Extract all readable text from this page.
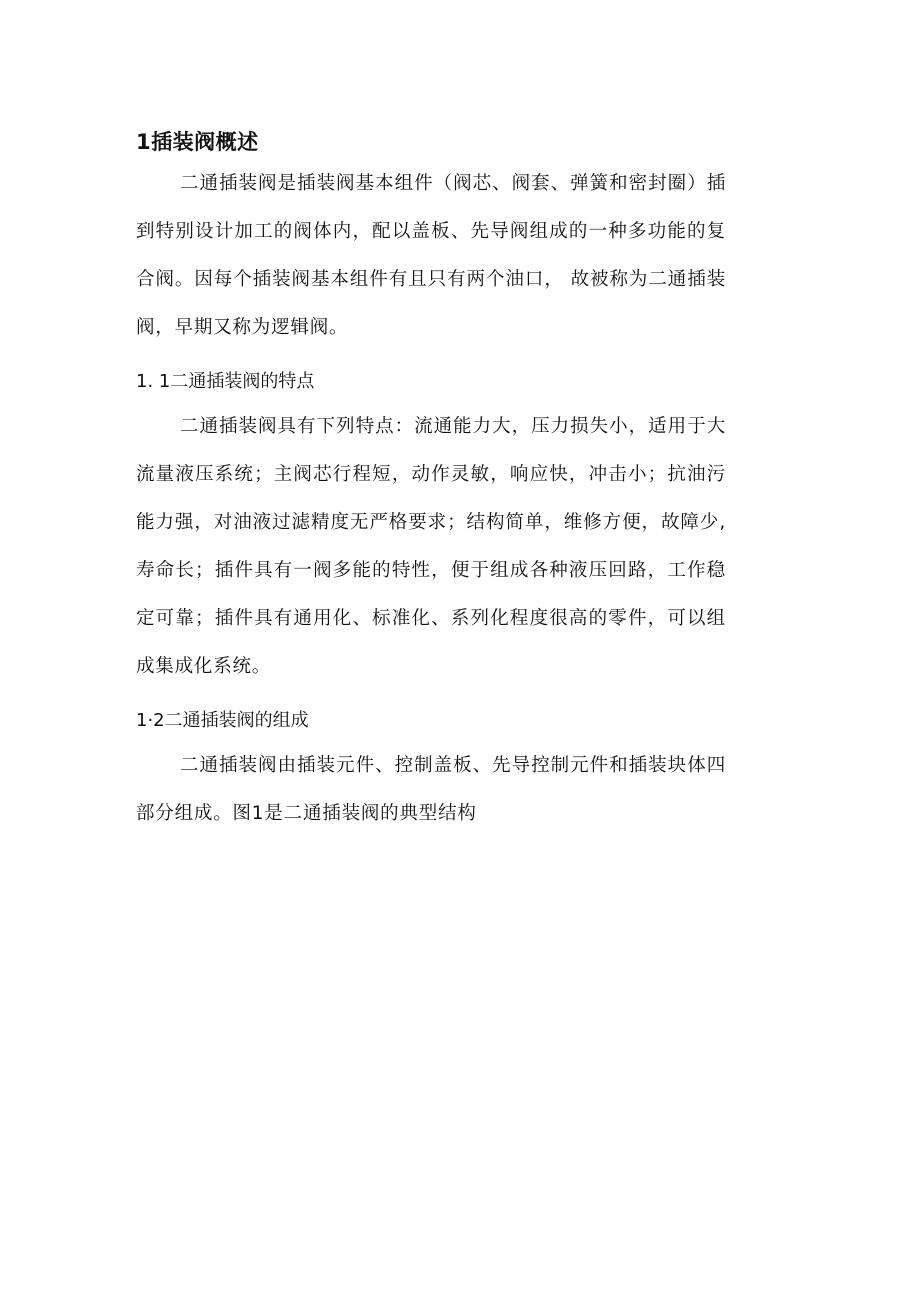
1插装阀概述

二通插装阀是插装阀基本组件（阀芯、阀套、弹簧和密封圈）插到特别设计加工的阀体内，配以盖板、先导阀组成的一种多功能的复合阀。因每个插装阀基本组件有且只有两个油口， 故被称为二通插装阀，早期又称为逻辑阀。

1. 1二通插装阀的特点

二通插装阀具有下列特点：流通能力大，压力损失小，适用于大流量液压系统；主阀芯行程短，动作灵敏，响应快，冲击小；抗油污能力强，对油液过滤精度无严格要求；结构简单，维修方便，故障少, 寿命长；插件具有一阀多能的特性，便于组成各种液压回路，工作稳定可靠；插件具有通用化、标准化、系列化程度很高的零件，可以组成集成化系统。

1·2二通插装阀的组成

二通插装阀由插装元件、控制盖板、先导控制元件和插装块体四部分组成。图1是二通插装阀的典型结构
